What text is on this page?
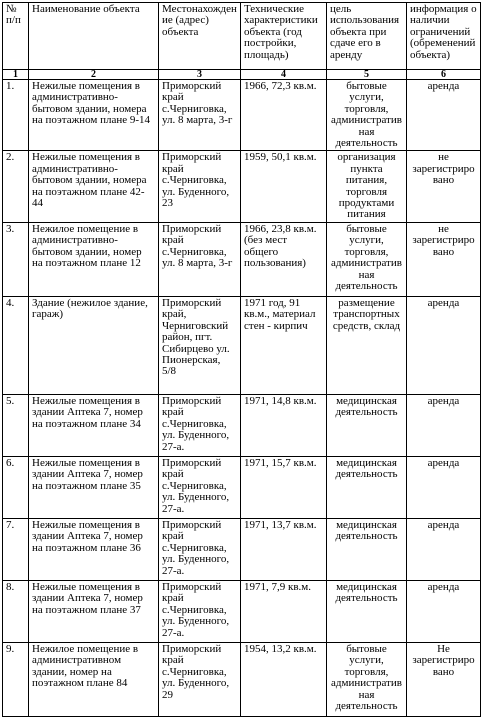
№ п/п	Наименование объекта	Местонахождение (адрес) объекта	Технические характеристики объекта (год постройки, площадь)	цель использования объекта при сдаче его в аренду	информация о наличии ограничений (обременений объекта)
1	2	3	4	5	6
1.	Нежилые помещения в административно-бытовом здании, номера на поэтажном плане 9-14	Приморский край с.Черниговка, ул. 8 марта, 3-г	1966, 72,3 кв.м.	бытовые услуги, торговля, административная деятельность	аренда
2.	Нежилые помещения в административно-бытовом здании, номера на поэтажном плане 42-44	Приморский край с.Черниговка, ул. Буденного, 23	1959, 50,1 кв.м.	организация пункта питания, торговля продуктами питания	не зарегистрировано
3.	Нежилое помещение в административно-бытовом здании, номер на поэтажном плане 12	Приморский край с.Черниговка, ул. 8 марта, 3-г	1966, 23,8 кв.м. (без мест общего пользования)	бытовые услуги, торговля, административная деятельность	не зарегистрировано
4.	Здание (нежилое здание, гараж)	Приморский край, Черниговский район, пгт. Сибирцево ул. Пионерская, 5/8	1971 год, 91 кв.м., материал стен - кирпич	размещение транспортных средств, склад	аренда
5.	Нежилые помещения в здании Аптека 7, номер на поэтажном плане 34	Приморский край с.Черниговка, ул. Буденного, 27-а.	1971, 14,8 кв.м.	медицинская деятельность	аренда
6.	Нежилые помещения в здании Аптека 7, номер на поэтажном плане 35	Приморский край с.Черниговка, ул. Буденного, 27-а.	1971, 15,7 кв.м.	медицинская деятельность	аренда
7.	Нежилые помещения в здании Аптека 7, номер на поэтажном плане 36	Приморский край с.Черниговка, ул. Буденного, 27-а.	1971, 13,7 кв.м.	медицинская деятельность	аренда
8.	Нежилые помещения в здании Аптека 7, номер на поэтажном плане 37	Приморский край с.Черниговка, ул. Буденного, 27-а.	1971, 7,9 кв.м.	медицинская деятельность	аренда
9.	Нежилое помещение в административном здании, номер на поэтажном плане 84	Приморский край с.Черниговка, ул. Буденного, 29	1954, 13,2 кв.м.	бытовые услуги, торговля, административная деятельность	Не зарегистрировано
